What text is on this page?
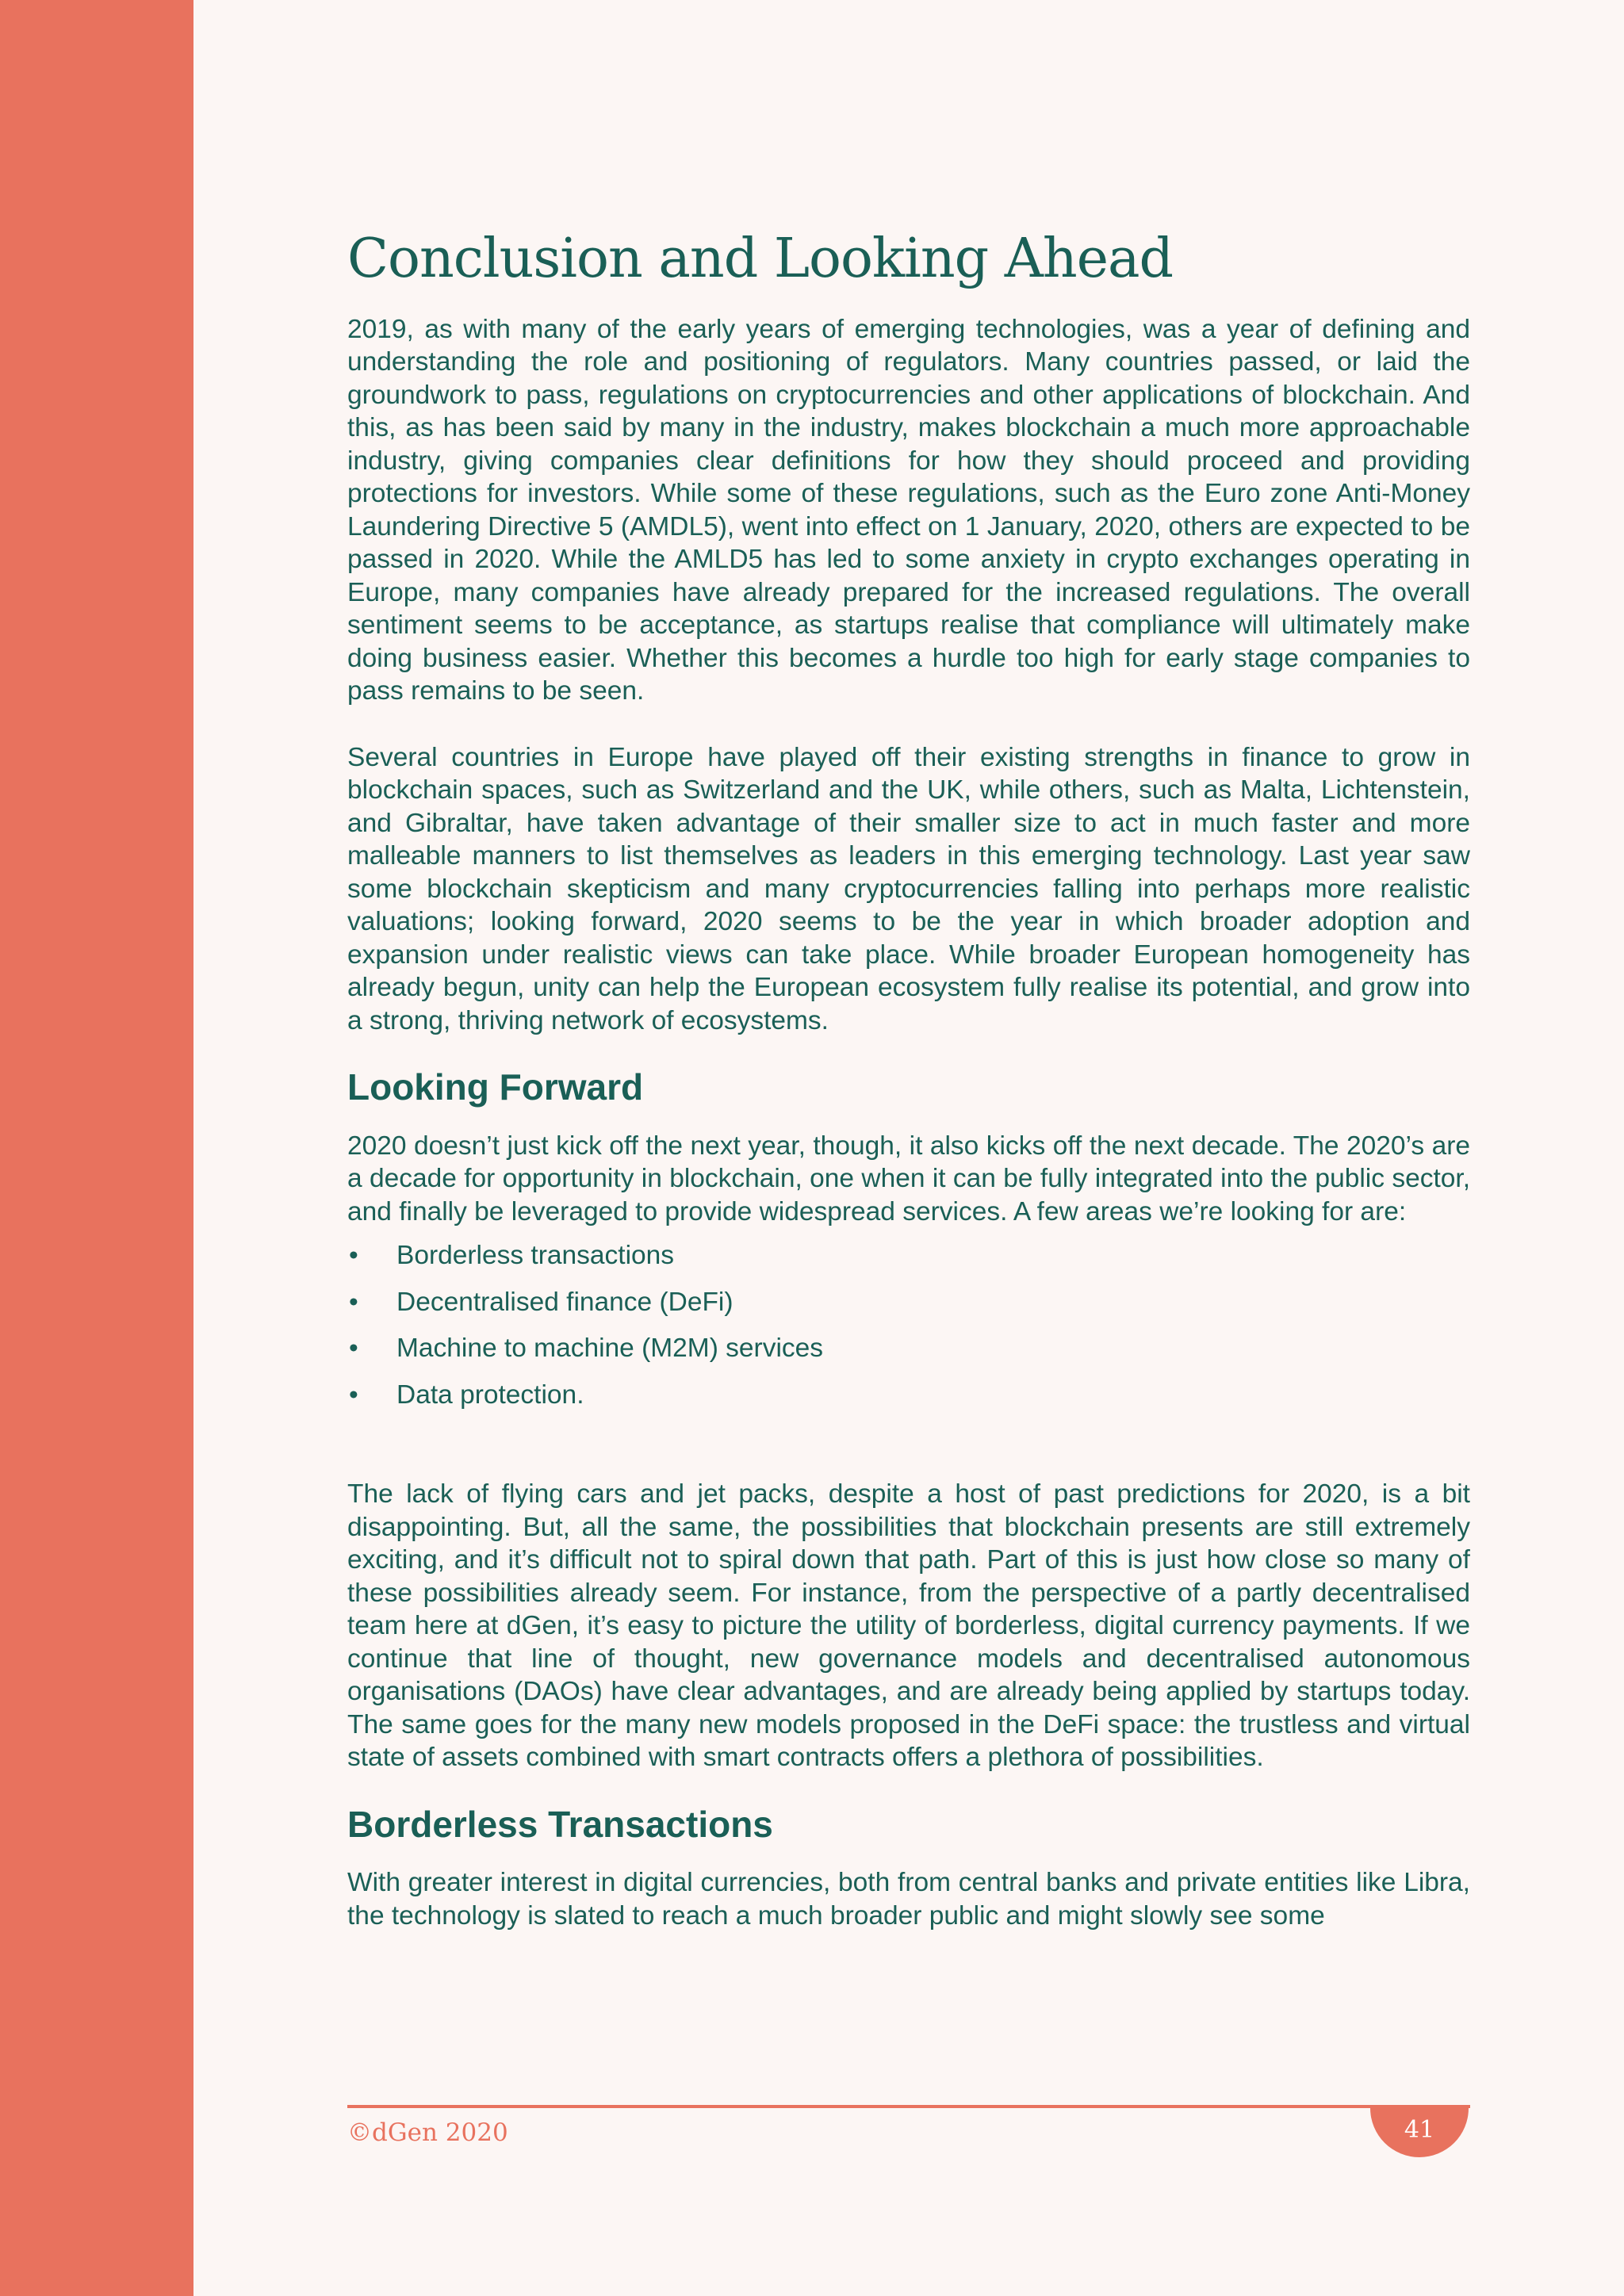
Conclusion and Looking Ahead

2019, as with many of the early years of emerging technologies, was a year of defining and understanding the role and positioning of regulators. Many countries passed, or laid the groundwork to pass, regulations on cryptocurrencies and other applications of blockchain. And this, as has been said by many in the industry, makes blockchain a much more approachable industry, giving companies clear definitions for how they should proceed and providing protections for investors. While some of these regulations, such as the Euro zone Anti-Money Laundering Directive 5 (AMDL5), went into effect on 1 January, 2020, others are expected to be passed in 2020. While the AMLD5 has led to some anxiety in crypto exchanges operating in Europe, many companies have already prepared for the increased regulations. The overall sentiment seems to be acceptance, as startups realise that compliance will ultimately make doing business easier. Whether this becomes a hurdle too high for early stage companies to pass remains to be seen.

Several countries in Europe have played off their existing strengths in finance to grow in blockchain spaces, such as Switzerland and the UK, while others, such as Malta, Lichtenstein, and Gibraltar, have taken advantage of their smaller size to act in much faster and more malleable manners to list themselves as leaders in this emerging technology. Last year saw some blockchain skepticism and many cryptocurrencies falling into perhaps more realistic valuations; looking forward, 2020 seems to be the year in which broader adoption and expansion under realistic views can take place. While broader European homogeneity has already begun, unity can help the European ecosystem fully realise its potential, and grow into a strong, thriving network of ecosystems.

Looking Forward

2020 doesn’t just kick off the next year, though, it also kicks off the next decade. The 2020’s are a decade for opportunity in blockchain, one when it can be fully integrated into the public sector, and finally be leveraged to provide widespread services. A few areas we’re looking for are:

• Borderless transactions
• Decentralised finance (DeFi)
• Machine to machine (M2M) services
• Data protection.

The lack of flying cars and jet packs, despite a host of past predictions for 2020, is a bit disappointing. But, all the same, the possibilities that blockchain presents are still extremely exciting, and it’s difficult not to spiral down that path. Part of this is just how close so many of these possibilities already seem. For instance, from the perspective of a partly decentralised team here at dGen, it’s easy to picture the utility of borderless, digital currency payments. If we continue that line of thought, new governance models and decentralised autonomous organisations (DAOs) have clear advantages, and are already being applied by startups today. The same goes for the many new models proposed in the DeFi space: the trustless and virtual state of assets combined with smart contracts offers a plethora of possibilities.

Borderless Transactions

With greater interest in digital currencies, both from central banks and private entities like Libra, the technology is slated to reach a much broader public and might slowly see some

©dGen 2020	41
